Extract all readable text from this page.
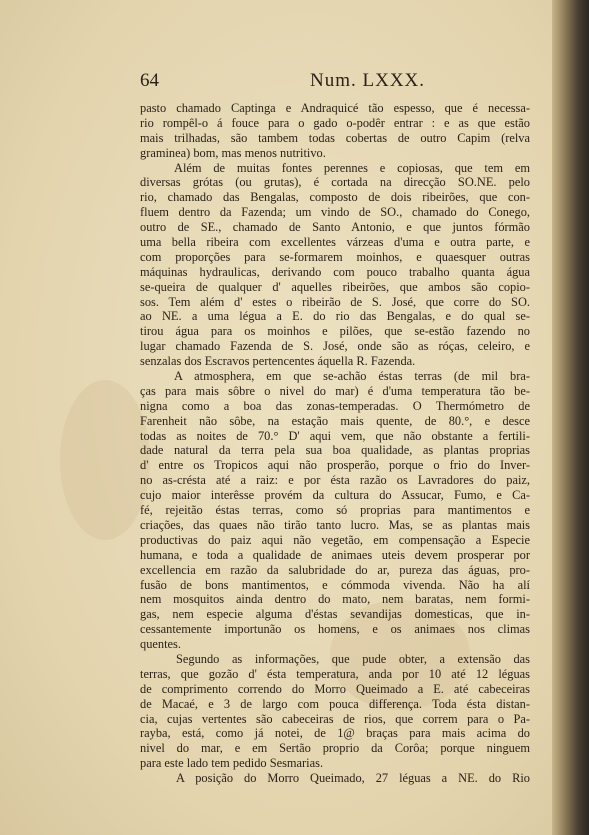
64	Num. LXXX.
pasto chamado Captinga e Andraquicé tão espesso, que é necessa-
rio rompêl-o á fouce para o gado o-podêr entrar : e as que estão
mais trilhadas, são tambem todas cobertas de outro Capim (relva
graminea) bom, mas menos nutritivo.
Além de muitas fontes perennes e copiosas, que tem em
diversas grótas (ou grutas), é cortada na direcção SO.NE. pelo
rio, chamado das Bengalas, composto de dois ribeirões, que con-
fluem dentro da Fazenda; um vindo de SO., chamado do Conego,
outro de SE., chamado de Santo Antonio, e que juntos fórmão
uma bella ribeira com excellentes várzeas d'uma e outra parte, e
com proporções para se-formarem moinhos, e quaesquer outras
máquinas hydraulicas, derivando com pouco trabalho quanta água
se-queira de qualquer d' aquelles ribeirões, que ambos são copio-
sos. Tem além d' estes o ribeirão de S. José, que corre do SO.
ao NE. a uma légua a E. do rio das Bengalas, e do qual se-
tirou água para os moinhos e pilões, que se-estão fazendo no
lugar chamado Fazenda de S. José, onde são as róças, celeiro, e
senzalas dos Escravos pertencentes áquella R. Fazenda.
A atmosphera, em que se-achão éstas terras (de mil bra-
ças para mais sôbre o nivel do mar) é d'uma temperatura tão be-
nigna como a boa das zonas-temperadas. O Thermómetro de
Farenheit não sôbe, na estação mais quente, de 80.°, e desce
todas as noites de 70.° D' aqui vem, que não obstante a fertili-
dade natural da terra pela sua boa qualidade, as plantas proprias
d' entre os Tropicos aqui não prosperão, porque o frio do Inver-
no as-crésta até a raiz: e por ésta razão os Lavradores do paiz,
cujo maior interêsse provém da cultura do Assucar, Fumo, e Ca-
fé, rejeitão éstas terras, como só proprias para mantimentos e
criações, das quaes não tirão tanto lucro. Mas, se as plantas mais
productivas do paiz aqui não vegetão, em compensação a Especie
humana, e toda a qualidade de animaes uteis devem prosperar por
excellencia em razão da salubridade do ar, pureza das águas, pro-
fusão de bons mantimentos, e cómmoda vivenda. Não ha alí
nem mosquitos ainda dentro do mato, nem baratas, nem formi-
gas, nem especie alguma d'éstas sevandijas domesticas, que in-
cessantemente importunão os homens, e os animaes nos climas
quentes.
Segundo as informações, que pude obter, a extensão das
terras, que gozão d' ésta temperatura, anda por 10 até 12 léguas
de comprimento correndo do Morro Queimado a E. até cabeceiras
de Macaé, e 3 de largo com pouca differença. Toda ésta distan-
cia, cujas vertentes são cabeceiras de rios, que correm para o Pa-
rayba, está, como já notei, de 1@ braças para mais acima do
nivel do mar, e em Sertão proprio da Corôa; porque ninguem
para este lado tem pedido Sesmarias.
A posição do Morro Queimado, 27 léguas a NE. do Rio
